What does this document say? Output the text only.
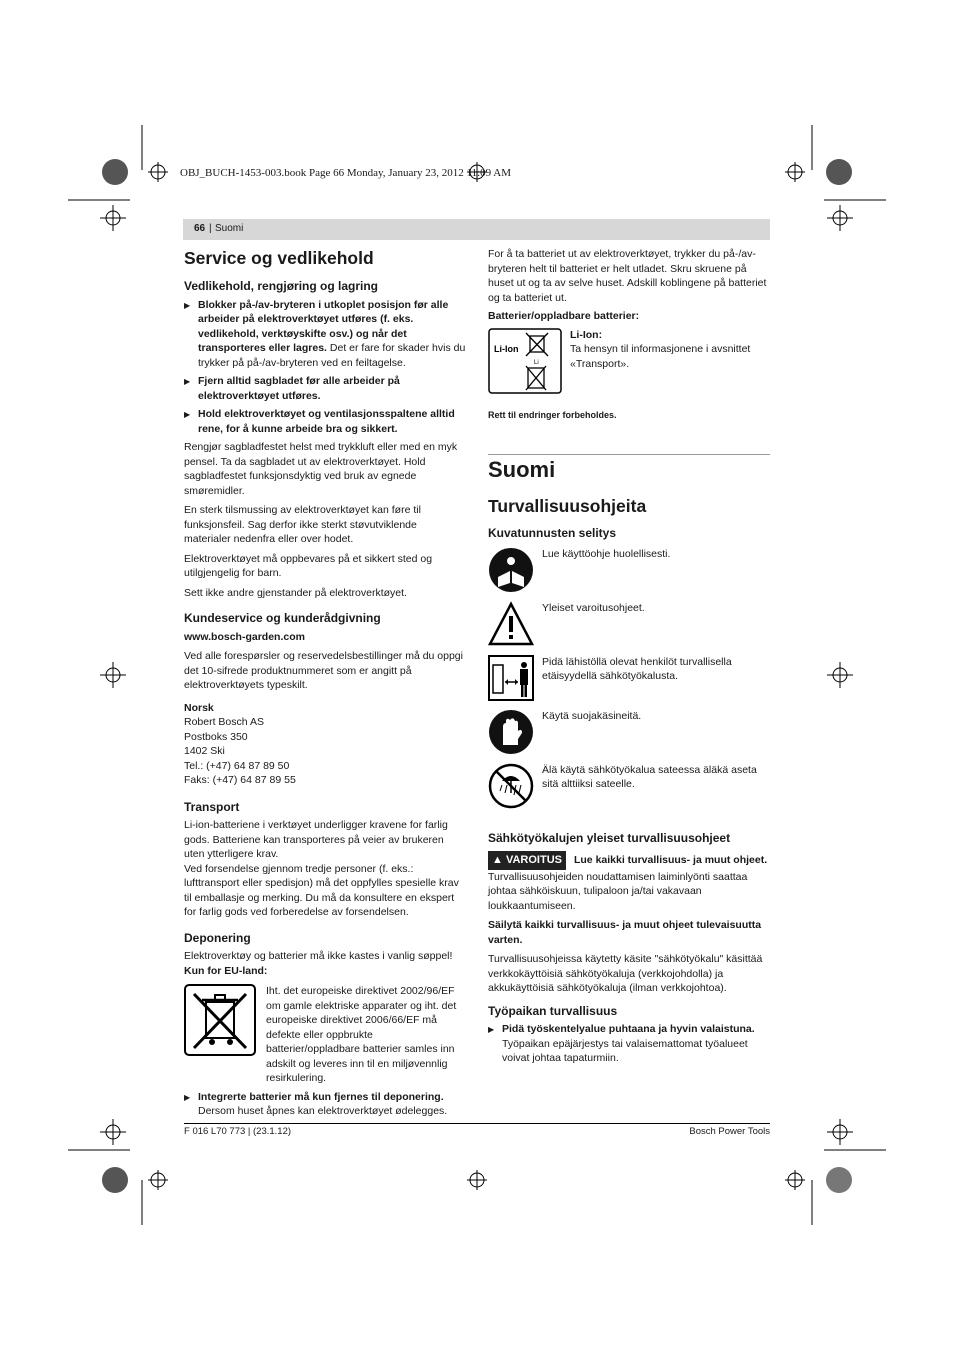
OBJ_BUCH-1453-003.book Page 66 Monday, January 23, 2012 11:09 AM
66 | Suomi
Service og vedlikehold
Vedlikehold, rengjøring og lagring
▶ Blokker på-/av-bryteren i utkoplet posisjon før alle arbeider på elektroverktøyet utføres (f. eks. vedlikehold, verktøyskifte osv.) og når det transporteres eller lagres. Det er fare for skader hvis du trykker på på-/av-bryteren ved en feiltagelse.
▶ Fjern alltid sagbladet før alle arbeider på elektroverktøyet utføres.
▶ Hold elektroverktøyet og ventilasjonsspaltene alltid rene, for å kunne arbeide bra og sikkert.

Rengjør sagbladfestet helst med trykkluft eller med en myk pensel. Ta da sagbladet ut av elektroverktøyet. Hold sagbladfestet funksjonsdyktig ved bruk av egnede smøremidler.

En sterk tilsmussing av elektroverktøyet kan føre til funksjonsfeil. Sag derfor ikke sterkt støvutviklende materialer nedenfra eller over hodet.

Elektroverktøyet må oppbevares på et sikkert sted og utilgjengelig for barn.

Sett ikke andre gjenstander på elektroverktøyet.

Kundeservice og kunderådgivning

www.bosch-garden.com

Ved alle forespørsler og reservedelsbestillinger må du oppgi det 10-sifrede produktnummeret som er angitt på elektroverktøyets typeskilt.

Norsk
Robert Bosch AS
Postboks 350
1402 Ski
Tel.: (+47) 64 87 89 50
Faks: (+47) 64 87 89 55
Transport
Li-ion-batteriene i verktøyet underligger kravene for farlig gods. Batteriene kan transporteres på veier av brukeren uten ytterligere krav.

Ved forsendelse gjennom tredje personer (f. eks.: lufttransport eller spedisjon) må det oppfylles spesielle krav til emballasje og merking. Du må da konsultere en ekspert for farlig gods ved forberedelse av forsendelsen.

Deponering
Elektroverktøy og batterier må ikke kastes i vanlig søppel!
Kun for EU-land:
Iht. det europeiske direktivet 2002/96/EF om gamle elektriske apparater og iht. det europeiske direktivet 2006/66/EF må defekte eller oppbrukte batterier/oppladbare batterier samles inn adskilt og leveres inn til en miljøvennlig resirkulering.
▶ Integrerte batterier må kun fjernes til deponering. Dersom huset åpnes kan elektroverktøyet ødelegges.

For å ta batteriet ut av elektroverktøyet, trykker du på-/av-bryteren helt til batteriet er helt utladet. Skru skruene på huset ut og ta av selve huset. Adskill koblingene på batteriet og ta batteriet ut.

Batterier/oppladbare batterier:
Li-Ion
Li
Li-Ion:
Ta hensyn til informasjonene i avsnittet «Transport».
Rett til endringer forbeholdes.
Suomi
Turvallisuusohjeita
Kuvatunnusten selitys
Lue käyttöohje huolellisesti.
Yleiset varoitusohjeet.
Pidä lähistöllä olevat henkilöt turvallisella etäisyydellä sähkötyökalusta.
Käytä suojakäsineitä.
Älä käytä sähkötyökalua sateessa äläkä aseta sitä alttiiksi sateelle.
Sähkötyökalujen yleiset turvallisuusohjeet
▲ VAROITUS Lue kaikki turvallisuus- ja muut ohjeet. Turvallisuusohjeiden noudattamisen laiminlyönti saattaa johtaa sähköiskuun, tulipaloon ja/tai vakavaan loukkaantumiseen.

Säilytä kaikki turvallisuus- ja muut ohjeet tulevaisuutta varten.

Turvallisuusohjeissa käytetty käsite "sähkötyökalu" käsittää verkkokäyttöisiä sähkötyökaluja (verkkojohdolla) ja akkukäyttöisiä sähkötyökaluja (ilman verkkojohtoa).

Työpaikan turvallisuus
▶ Pidä työskentelyalue puhtaana ja hyvin valaistuna.
Työpaikan epäjärjestys tai valaisemattomat työalueet voivat johtaa tapaturmiin.
F 016 L70 773 | (23.1.12)	Bosch Power Tools
